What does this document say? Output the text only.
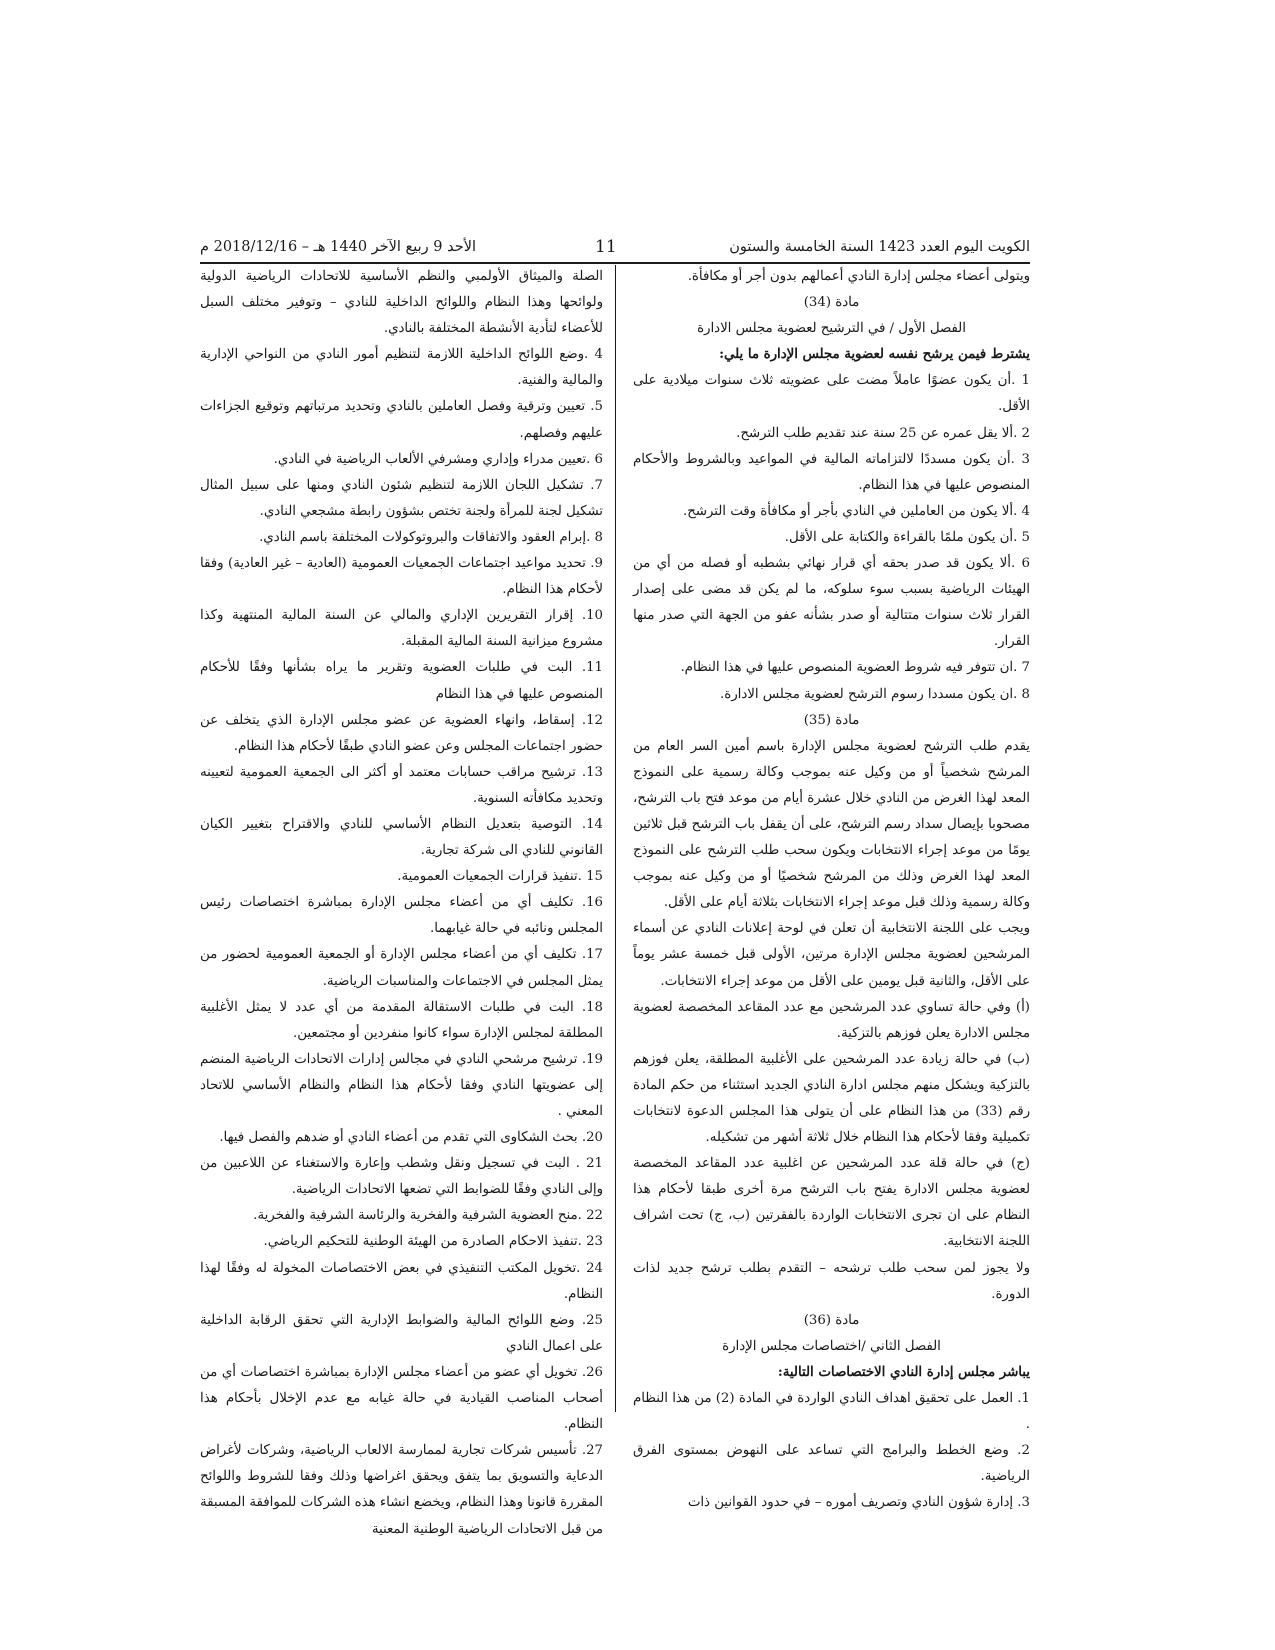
الكويت اليوم العدد 1423 السنة الخامسة والستون
11
الأحد 9 ربيع الآخر 1440 هـ – 2018/12/16 م

ويتولى أعضاء مجلس إدارة النادي أعمالهم بدون أجر أو مكافأة.

مادة (34)

الفصل الأول / في الترشيح لعضوية مجلس الادارة

يشترط فيمن يرشح نفسه لعضوية مجلس الإدارة ما يلي:

1 .أن يكون عضوًا عاملاً مضت على عضويته ثلاث سنوات ميلادية على الأقل.

2 .ألا يقل عمره عن 25 سنة عند تقديم طلب الترشح.

3 .أن يكون مسددًا لالتزاماته المالية في المواعيد وبالشروط والأحكام المنصوص عليها في هذا النظام.

4 .ألا يكون من العاملين في النادي بأجر أو مكافأة وقت الترشح.

5 .أن يكون ملمًا بالقراءة والكتابة على الأقل.

6 .ألا يكون قد صدر بحقه أي قرار نهائي بشطبه أو فصله من أي من الهيئات الرياضية بسبب سوء سلوكه، ما لم يكن قد مضى على إصدار القرار ثلاث سنوات متتالية أو صدر بشأنه عفو من الجهة التي صدر منها القرار.

7 .ان تتوفر فيه شروط العضوية المنصوص عليها في هذا النظام.

8 .ان يكون مسددا رسوم الترشح لعضوية مجلس الادارة.

مادة (35)

يقدم طلب الترشح لعضوية مجلس الإدارة باسم أمين السر العام من المرشح شخصياً أو من وكيل عنه بموجب وكالة رسمية على النموذج المعد لهذا الغرض من النادي خلال عشرة أيام من موعد فتح باب الترشح، مصحوبا بإيصال سداد رسم الترشح، على أن يقفل باب الترشح قبل ثلاثين يومًا من موعد إجراء الانتخابات ويكون سحب طلب الترشح على النموذج المعد لهذا الغرض وذلك من المرشح شخصيًا أو من وكيل عنه بموجب وكالة رسمية وذلك قبل موعد إجراء الانتخابات بثلاثة أيام على الأقل.

ويجب على اللجنة الانتخابية أن تعلن في لوحة إعلانات النادي عن أسماء المرشحين لعضوية مجلس الإدارة مرتين، الأولى قبل خمسة عشر يوماً على الأقل، والثانية قبل يومين على الأقل من موعد إجراء الانتخابات.

(أ) وفي حالة تساوي عدد المرشحين مع عدد المقاعد المخصصة لعضوية مجلس الادارة يعلن فوزهم بالتزكية.

(ب) في حالة زيادة عدد المرشحين على الأغلبية المطلقة، يعلن فوزهم بالتزكية ويشكل منهم مجلس ادارة النادي الجديد استثناء من حكم المادة رقم (33) من هذا النظام على أن يتولى هذا المجلس الدعوة لانتخابات تكميلية وفقا لأحكام هذا النظام خلال ثلاثة أشهر من تشكيله.

(ج) في حالة قلة عدد المرشحين عن اغلبية عدد المقاعد المخصصة لعضوية مجلس الادارة يفتح باب الترشح مرة أخرى طبقا لأحكام هذا النظام على ان تجرى الانتخابات الواردة بالفقرتين (ب، ج) تحت اشراف اللجنة الانتخابية.

ولا يجوز لمن سحب طلب ترشحه – التقدم بطلب ترشح جديد لذات الدورة.

مادة (36)

الفصل الثاني /اختصاصات مجلس الإدارة

يباشر مجلس إدارة النادي الاختصاصات التالية:

1. العمل على تحقيق اهداف النادي الواردة في المادة (2) من هذا النظام .

2. وضع الخطط والبرامج التي تساعد على النهوض بمستوى الفرق الرياضية.

3. إدارة شؤون النادي وتصريف أموره – في حدود القوانين ذات

الصلة والميثاق الأولمبي والنظم الأساسية للاتحادات الرياضية الدولية ولوائحها وهذا النظام واللوائح الداخلية للنادي – وتوفير مختلف السبل للأعضاء لتأدية الأنشطة المختلفة بالنادي.

4 .وضع اللوائح الداخلية اللازمة لتنظيم أمور النادي من النواحي الإدارية والمالية والفنية.

5. تعيين وترقية وفصل العاملين بالنادي وتحديد مرتباتهم وتوقيع الجزاءات عليهم وفصلهم.

6 .تعيين مدراء وإداري ومشرفي الألعاب الرياضية في النادي.

7. تشكيل اللجان اللازمة لتنظيم شئون النادي ومنها على سبيل المثال تشكيل لجنة للمرأة ولجنة تختص بشؤون رابطة مشجعي النادي.

8 .إبرام العقود والاتفاقات والبروتوكولات المختلفة باسم النادي.

9. تحديد مواعيد اجتماعات الجمعيات العمومية (العادية – غير العادية) وفقا لأحكام هذا النظام.

10. إقرار التقريرين الإداري والمالي عن السنة المالية المنتهية وكذا مشروع ميزانية السنة المالية المقبلة.

11. البت في طلبات العضوية وتقرير ما يراه بشأنها وفقًا للأحكام المنصوص عليها في هذا النظام

12. إسقاط، وانهاء العضوية عن عضو مجلس الإدارة الذي يتخلف عن حضور اجتماعات المجلس وعن عضو النادي طبقًا لأحكام هذا النظام.

13. ترشيح مراقب حسابات معتمد أو أكثر الى الجمعية العمومية لتعيينه وتحديد مكافأته السنوية.

14. التوصية بتعديل النظام الأساسي للنادي والاقتراح بتغيير الكيان القانوني للنادي الى شركة تجارية.

15 .تنفيذ قرارات الجمعيات العمومية.

16. تكليف أي من أعضاء مجلس الإدارة بمباشرة اختصاصات رئيس المجلس ونائبه في حالة غيابهما.

17. تكليف أي من أعضاء مجلس الإدارة أو الجمعية العمومية لحضور من يمثل المجلس في الاجتماعات والمناسبات الرياضية.

18. البت في طلبات الاستقالة المقدمة من أي عدد لا يمثل الأغلبية المطلقة لمجلس الإدارة سواء كانوا منفردين أو مجتمعين.

19. ترشيح مرشحي النادي في مجالس إدارات الاتحادات الرياضية المنضم إلى عضويتها النادي وفقا لأحكام هذا النظام والنظام الأساسي للاتحاد المعني .

20. بحث الشكاوى التي تقدم من أعضاء النادي أو ضدهم والفصل فيها.

21 . البت في تسجيل ونقل وشطب وإعارة والاستغناء عن اللاعبين من وإلى النادي وفقًا للضوابط التي تضعها الاتحادات الرياضية.

22 .منح العضوية الشرفية والفخرية والرئاسة الشرفية والفخرية.

23 .تنفيذ الاحكام الصادرة من الهيئة الوطنية للتحكيم الرياضي.

24 .تخويل المكتب التنفيذي في بعض الاختصاصات المخولة له وفقًا لهذا النظام.

25. وضع اللوائح المالية والضوابط الإدارية التي تحقق الرقابة الداخلية على اعمال النادي

26. تخويل أي عضو من أعضاء مجلس الإدارة بمباشرة اختصاصات أي من أصحاب المناصب القيادية في حالة غيابه مع عدم الإخلال بأحكام هذا النظام.

27. تأسيس شركات تجارية لممارسة الالعاب الرياضية، وشركات لأغراض الدعاية والتسويق بما يتفق ويحقق اغراضها وذلك وفقا للشروط واللوائح المقررة قانونا وهذا النظام، ويخضع انشاء هذه الشركات للموافقة المسبقة من قبل الاتحادات الرياضية الوطنية المعنية
